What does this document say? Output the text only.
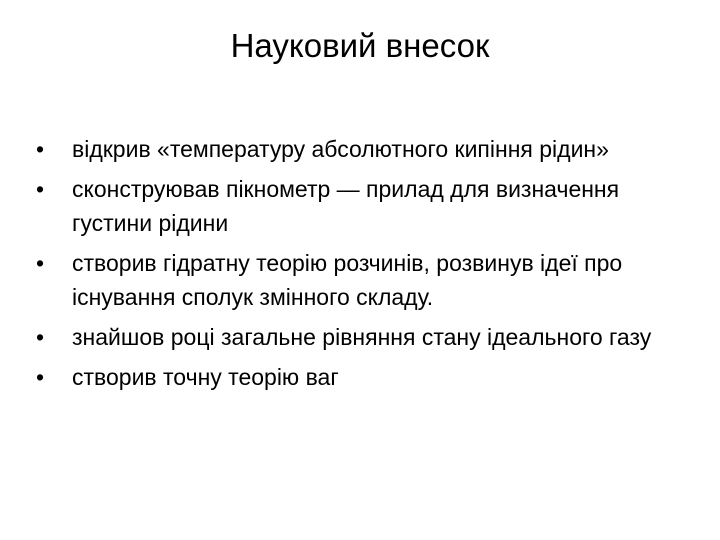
Науковий внесок
•	відкрив «температуру абсолютного кипіння рідин»
•	сконструював пікнометр — прилад для визначення густини рідини
•	створив гідратну теорію розчинів, розвинув ідеї про існування сполук змінного складу.
•	знайшов році загальне рівняння стану ідеального газу
•	створив точну теорію ваг
